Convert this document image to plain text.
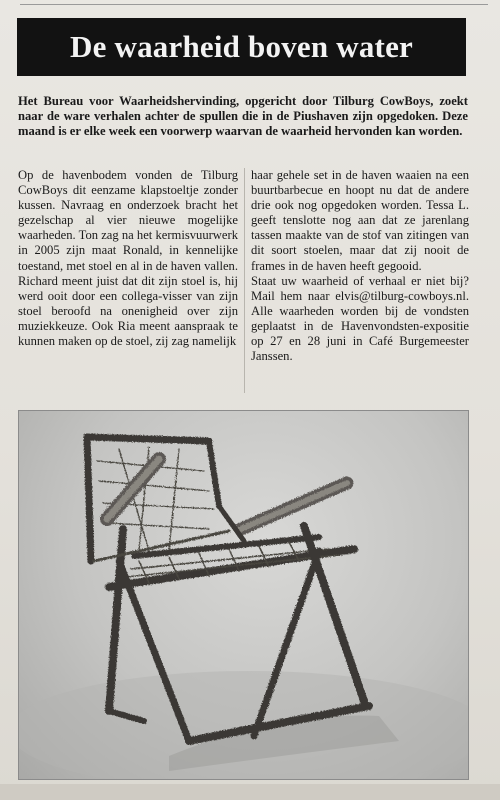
De waarheid boven water

Het Bureau voor Waarheidshervinding, opgericht door Tilburg CowBoys, zoekt naar de ware verhalen achter de spullen die in de Piushaven zijn opgedoken. Deze maand is er elke week een voorwerp waarvan de waarheid hervonden kan worden.

Op de havenbodem vonden de Tilburg CowBoys dit eenzame klapstoeltje zonder kussen. Navraag en onderzoek bracht het gezelschap al vier nieuwe mogelijke waarheden. Ton zag na het kermisvuurwerk in 2005 zijn maat Ronald, in kennelijke toestand, met stoel en al in de haven vallen. Richard meent juist dat dit zijn stoel is, hij werd ooit door een collega-visser van zijn stoel beroofd na onenigheid over zijn muziekkeuze. Ook Ria meent aanspraak te kunnen maken op de stoel, zij zag namelijk

haar gehele set in de haven waaien na een buurtbarbecue en hoopt nu dat de andere drie ook nog opgedoken worden. Tessa L. geeft tenslotte nog aan dat ze jarenlang tassen maakte van de stof van zitingen van dit soort stoelen, maar dat zij nooit de frames in de haven heeft gegooid.

Staat uw waarheid of verhaal er niet bij? Mail hem naar elvis@tilburg-cowboys.nl. Alle waarheden worden bij de vondsten geplaatst in de Havenvondsten-expositie op 27 en 28 juni in Café Burgemeester Janssen.
